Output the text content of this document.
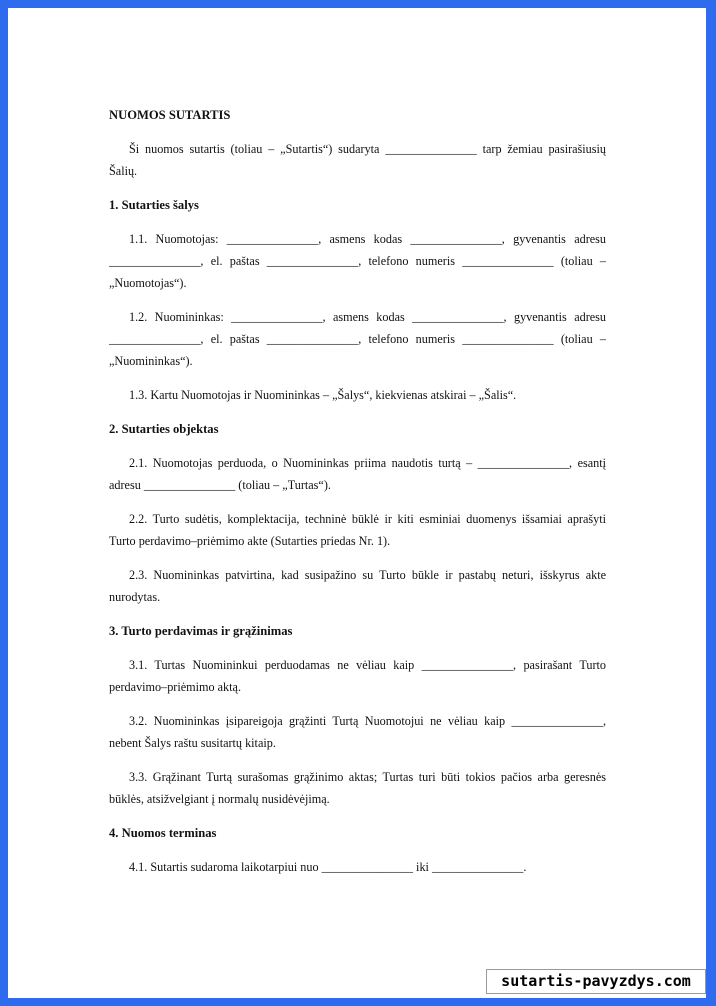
NUOMOS SUTARTIS
Ši nuomos sutartis (toliau – „Sutartis“) sudaryta _______________ tarp žemiau pasirašiusių Šalių.
1. Sutarties šalys
1.1. Nuomotojas: _______________, asmens kodas _______________, gyvenantis adresu _______________, el. paštas _______________, telefono numeris _______________ (toliau – „Nuomotojas“).
1.2. Nuomininkas: _______________, asmens kodas _______________, gyvenantis adresu _______________, el. paštas _______________, telefono numeris _______________ (toliau – „Nuomininkas“).
1.3. Kartu Nuomotojas ir Nuomininkas – „Šalys“, kiekvienas atskirai – „Šalis“.
2. Sutarties objektas
2.1. Nuomotojas perduoda, o Nuomininkas priima naudotis turtą – _______________, esantį adresu _______________ (toliau – „Turtas“).
2.2. Turto sudėtis, komplektacija, techninė būklė ir kiti esminiai duomenys išsamiai aprašyti Turto perdavimo–priėmimo akte (Sutarties priedas Nr. 1).
2.3. Nuomininkas patvirtina, kad susipažino su Turto būkle ir pastabų neturi, išskyrus akte nurodytas.
3. Turto perdavimas ir grąžinimas
3.1. Turtas Nuomininkui perduodamas ne vėliau kaip _______________, pasirašant Turto perdavimo–priėmimo aktą.
3.2. Nuomininkas įsipareigoja grąžinti Turtą Nuomotojui ne vėliau kaip _______________, nebent Šalys raštu susitartų kitaip.
3.3. Grąžinant Turtą surašomas grąžinimo aktas; Turtas turi būti tokios pačios arba geresnės būklės, atsižvelgiant į normalų nusidėvėjimą.
4. Nuomos terminas
4.1. Sutartis sudaroma laikotarpiui nuo _______________ iki _______________.
sutartis-pavyzdys.com
